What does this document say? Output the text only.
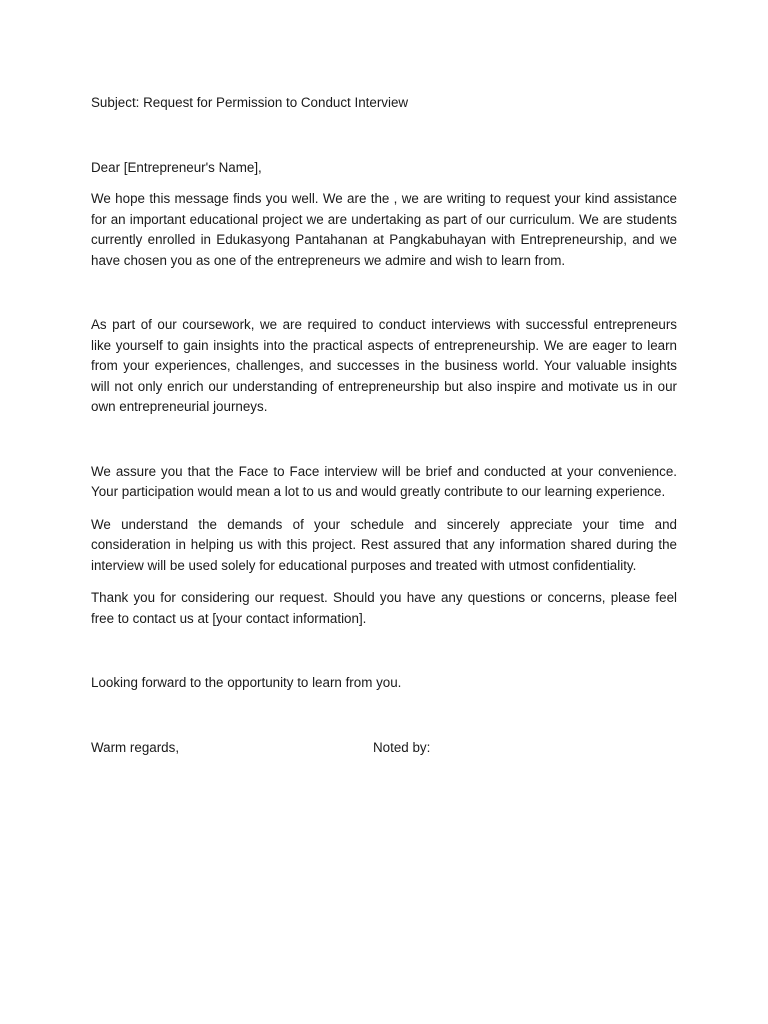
Subject: Request for Permission to Conduct Interview

Dear [Entrepreneur's Name],

We hope this message finds you well. We are the , we are writing to request your kind assistance for an important educational project we are undertaking as part of our curriculum. We are students currently enrolled in Edukasyong Pantahanan at Pangkabuhayan with Entrepreneurship, and we have chosen you as one of the entrepreneurs we admire and wish to learn from.

As part of our coursework, we are required to conduct interviews with successful entrepreneurs like yourself to gain insights into the practical aspects of entrepreneurship. We are eager to learn from your experiences, challenges, and successes in the business world. Your valuable insights will not only enrich our understanding of entrepreneurship but also inspire and motivate us in our own entrepreneurial journeys.

We assure you that the Face to Face interview will be brief and conducted at your convenience. Your participation would mean a lot to us and would greatly contribute to our learning experience.

We understand the demands of your schedule and sincerely appreciate your time and consideration in helping us with this project. Rest assured that any information shared during the interview will be used solely for educational purposes and treated with utmost confidentiality.

Thank you for considering our request. Should you have any questions or concerns, please feel free to contact us at [your contact information].

Looking forward to the opportunity to learn from you.

Warm regards,	Noted by:
